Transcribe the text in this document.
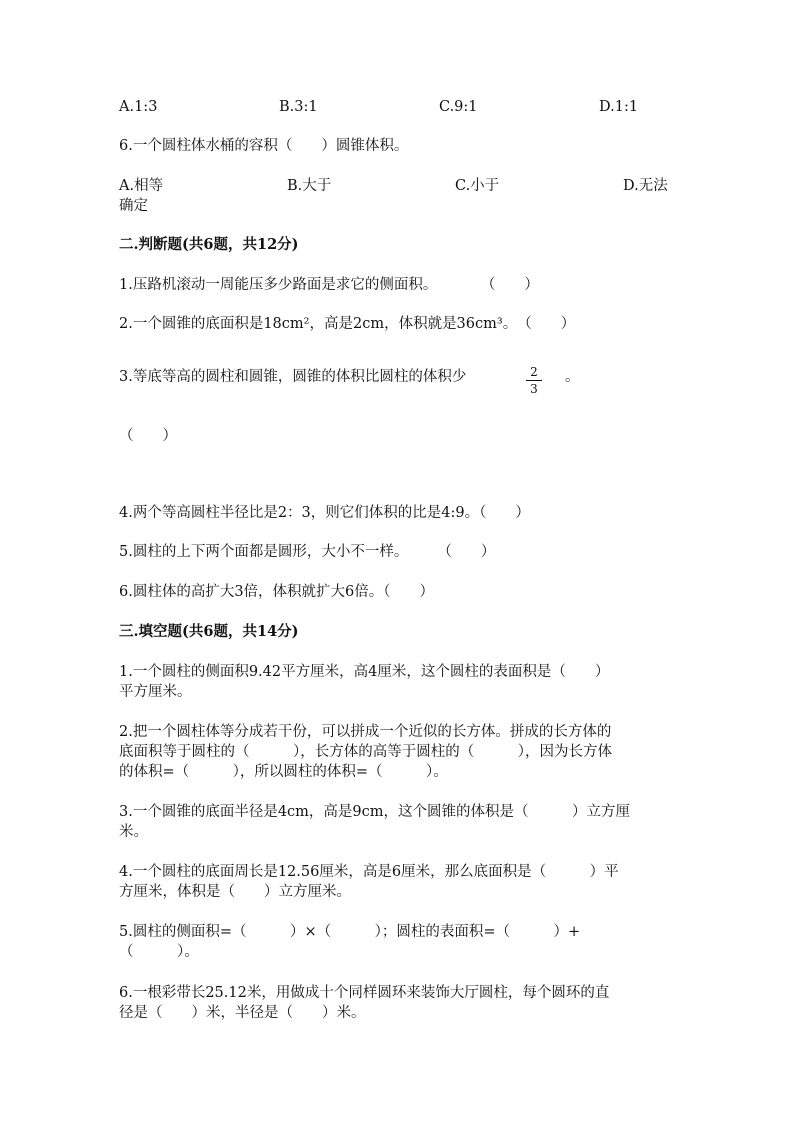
A.1:3	B.3:1	C.9:1	D.1:1
6.一个圆柱体水桶的容积（　　）圆锥体积。
A.相等	B.大于	C.小于	D.无法
确定
二.判断题(共6题，共12分)
1.压路机滚动一周能压多少路面是求它的侧面积。　　　　（　　）
2.一个圆锥的底面积是18cm²，高是2cm，体积就是36cm³。　（　　）
3.等底等高的圆柱和圆锥，圆锥的体积比圆柱的体积少	2
3
。
（　　）
4.两个等高圆柱半径比是2：3，则它们体积的比是4:9。（　　）
5.圆柱的上下两个面都是圆形，大小不一样。　　　（　　）
6.圆柱体的高扩大3倍，体积就扩大6倍。（　　）
三.填空题(共6题，共14分)
1.一个圆柱的侧面积9.42平方厘米，高4厘米，这个圆柱的表面积是（　　）
平方厘米。
2.把一个圆柱体等分成若干份，可以拼成一个近似的长方体。拼成的长方体的
底面积等于圆柱的（　　　），长方体的高等于圆柱的（　　　），因为长方体
的体积=（　　　），所以圆柱的体积=（　　　）。
3.一个圆锥的底面半径是4cm，高是9cm，这个圆锥的体积是（　　　）立方厘
米。
4.一个圆柱的底面周长是12.56厘米，高是6厘米，那么底面积是（　　　）平
方厘米，体积是（　　）立方厘米。
5.圆柱的侧面积=（　　　）×（　　　）；圆柱的表面积=（　　　）+
（　　　）。
6.一根彩带长25.12米，用做成十个同样圆环来装饰大厅圆柱，每个圆环的直
径是（　　）米，半径是（　　）米。
